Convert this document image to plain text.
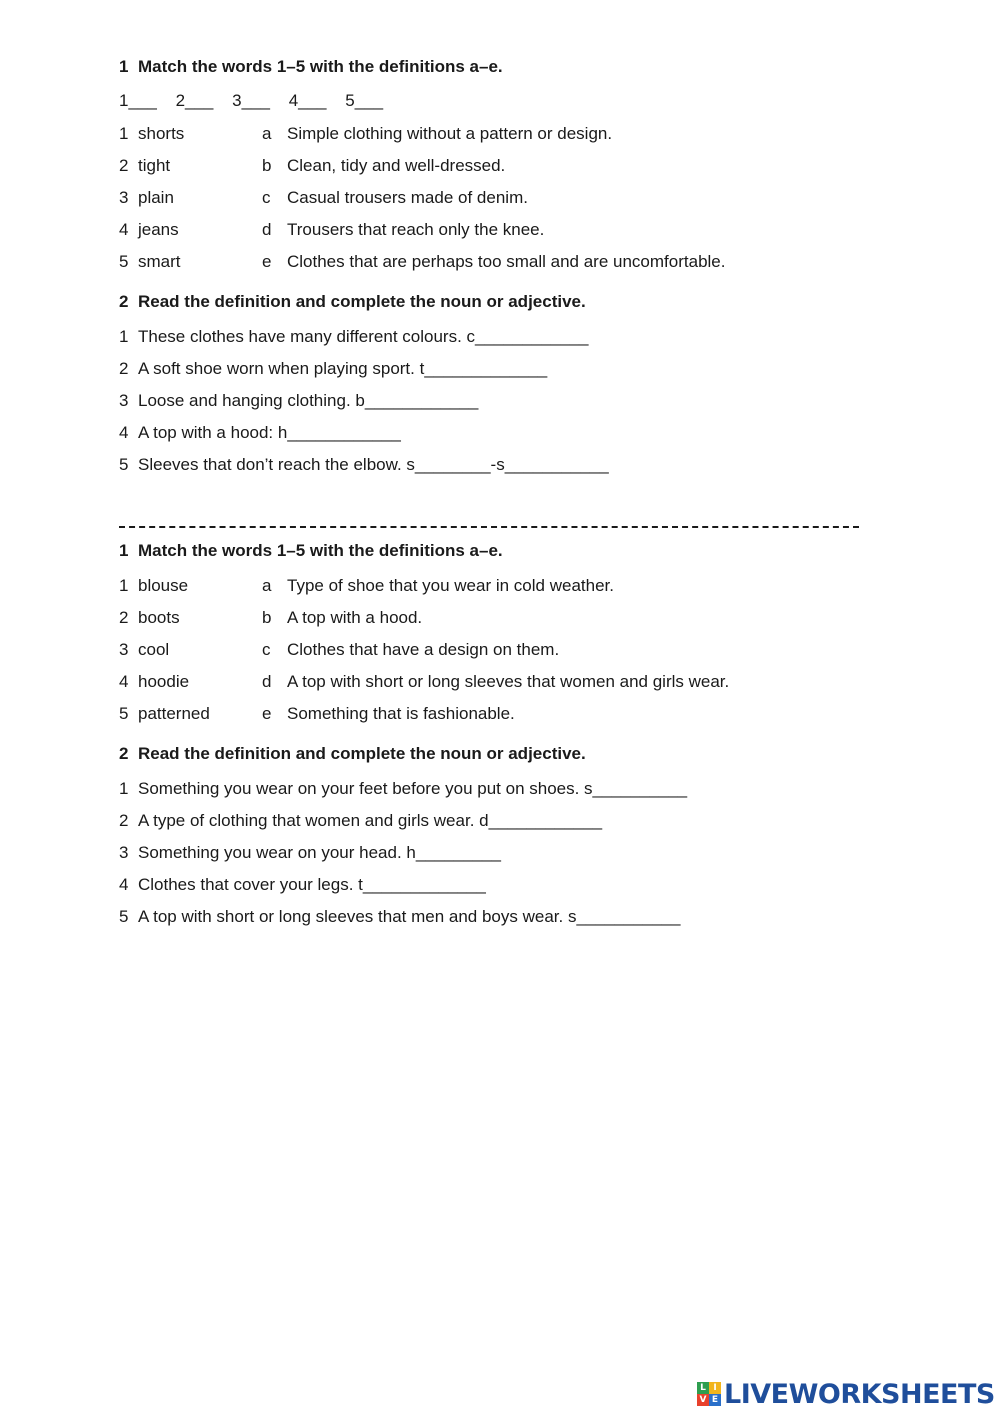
1 Match the words 1–5 with the definitions a–e.
1___ 2___ 3___ 4___ 5___
1 shorts	a Simple clothing without a pattern or design.
2 tight	b Clean, tidy and well-dressed.
3 plain	c Casual trousers made of denim.
4 jeans	d Trousers that reach only the knee.
5 smart	e Clothes that are perhaps too small and are uncomfortable.
2 Read the definition and complete the noun or adjective.
1 These clothes have many different colours. c____________
2 A soft shoe worn when playing sport. t_____________
3 Loose and hanging clothing. b____________
4 A top with a hood: h____________
5 Sleeves that don’t reach the elbow. s________-s___________
1 Match the words 1–5 with the definitions a–e.
1 blouse	a Type of shoe that you wear in cold weather.
2 boots	b A top with a hood.
3 cool	c Clothes that have a design on them.
4 hoodie	d A top with short or long sleeves that women and girls wear.
5 patterned	e Something that is fashionable.
2 Read the definition and complete the noun or adjective.
1 Something you wear on your feet before you put on shoes. s__________
2 A type of clothing that women and girls wear. d____________
3 Something you wear on your head. h_________
4 Clothes that cover your legs. t_____________
5 A top with short or long sleeves that men and boys wear. s___________
L I
V E LIVEWORKSHEETS
